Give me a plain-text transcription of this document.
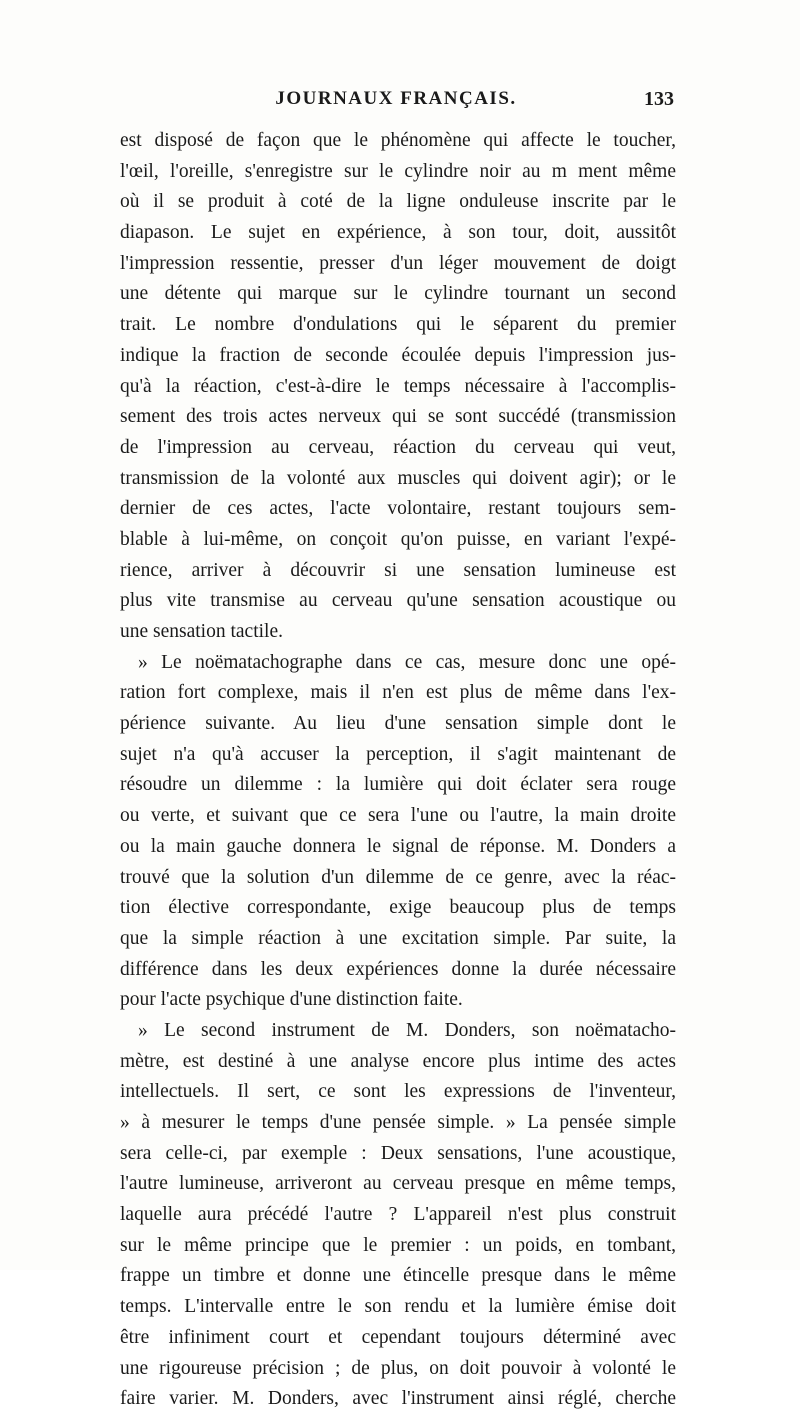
JOURNAUX FRANÇAIS.	133
est disposé de façon que le phénomène qui affecte le toucher,
l'œil, l'oreille, s'enregistre sur le cylindre noir au m ment même
où il se produit à coté de la ligne onduleuse inscrite par le
diapason. Le sujet en expérience, à son tour, doit, aussitôt
l'impression ressentie, presser d'un léger mouvement de doigt
une détente qui marque sur le cylindre tournant un second
trait. Le nombre d'ondulations qui le séparent du premier
indique la fraction de seconde écoulée depuis l'impression jus-
qu'à la réaction, c'est-à-dire le temps nécessaire à l'accomplis-
sement des trois actes nerveux qui se sont succédé (transmission
de l'impression au cerveau, réaction du cerveau qui veut,
transmission de la volonté aux muscles qui doivent agir); or le
dernier de ces actes, l'acte volontaire, restant toujours sem-
blable à lui-même, on conçoit qu'on puisse, en variant l'expé-
rience, arriver à découvrir si une sensation lumineuse est
plus vite transmise au cerveau qu'une sensation acoustique ou
une sensation tactile.
» Le noëmatachographe dans ce cas, mesure donc une opé-
ration fort complexe, mais il n'en est plus de même dans l'ex-
périence suivante. Au lieu d'une sensation simple dont le
sujet n'a qu'à accuser la perception, il s'agit maintenant de
résoudre un dilemme : la lumière qui doit éclater sera rouge
ou verte, et suivant que ce sera l'une ou l'autre, la main droite
ou la main gauche donnera le signal de réponse. M. Donders a
trouvé que la solution d'un dilemme de ce genre, avec la réac-
tion élective correspondante, exige beaucoup plus de temps
que la simple réaction à une excitation simple. Par suite, la
différence dans les deux expériences donne la durée nécessaire
pour l'acte psychique d'une distinction faite.
» Le second instrument de M. Donders, son noëmatacho-
mètre, est destiné à une analyse encore plus intime des actes
intellectuels. Il sert, ce sont les expressions de l'inventeur,
» à mesurer le temps d'une pensée simple. » La pensée simple
sera celle-ci, par exemple : Deux sensations, l'une acoustique,
l'autre lumineuse, arriveront au cerveau presque en même temps,
laquelle aura précédé l'autre ? L'appareil n'est plus construit
sur le même principe que le premier : un poids, en tombant,
frappe un timbre et donne une étincelle presque dans le même
temps. L'intervalle entre le son rendu et la lumière émise doit
être infiniment court et cependant toujours déterminé avec
une rigoureuse précision ; de plus, on doit pouvoir à volonté le
faire varier. M. Donders, avec l'instrument ainsi réglé, cherche
